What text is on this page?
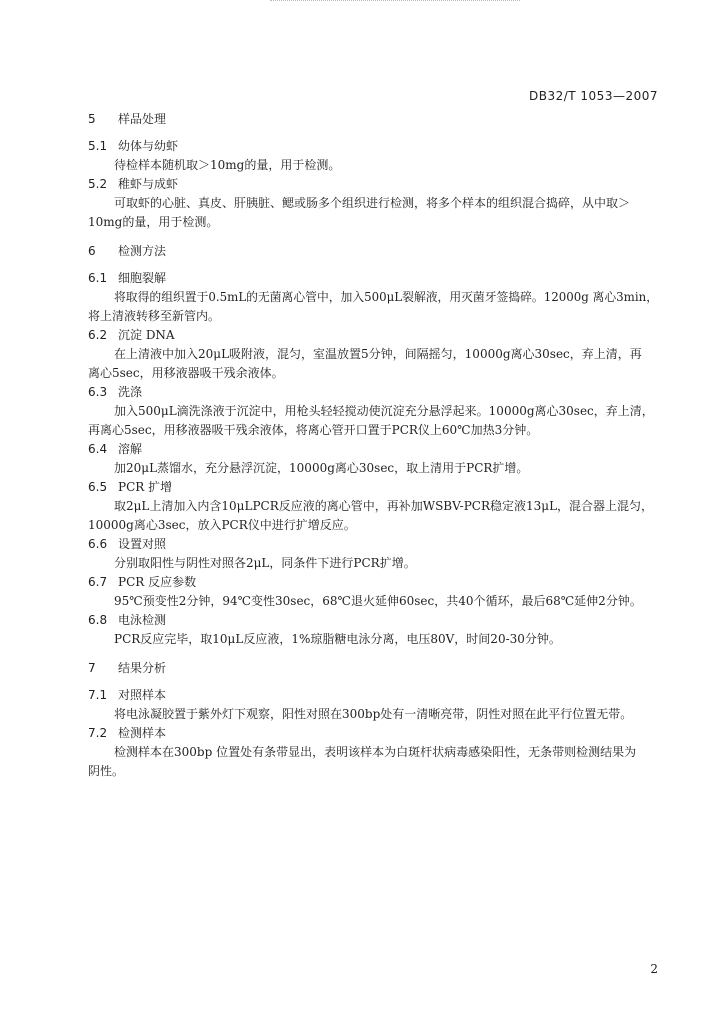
DB32/T 1053—2007

5 样品处理

5.1 幼体与幼虾

待检样本随机取＞10mg的量，用于检测。

5.2 稚虾与成虾

可取虾的心脏、真皮、肝胰脏、鳃或肠多个组织进行检测，将多个样本的组织混合捣碎，从中取＞

10mg的量，用于检测。

6 检测方法

6.1 细胞裂解

将取得的组织置于0.5mL的无菌离心管中，加入500μL裂解液，用灭菌牙签捣碎。12000g 离心3min，

将上清液转移至新管内。

6.2 沉淀 DNA

在上清液中加入20μL吸附液，混匀，室温放置5分钟，间隔摇匀，10000g离心30sec，弃上清，再

离心5sec，用移液器吸干残余液体。

6.3 洗涤

加入500μL滴洗涤液于沉淀中，用枪头轻轻搅动使沉淀充分悬浮起来。10000g离心30sec，弃上清，

再离心5sec，用移液器吸干残余液体，将离心管开口置于PCR仪上60℃加热3分钟。

6.4 溶解

加20μL蒸馏水，充分悬浮沉淀，10000g离心30sec，取上清用于PCR扩增。

6.5 PCR 扩增

取2μL上清加入内含10μLPCR反应液的离心管中，再补加WSBV-PCR稳定液13μL，混合器上混匀，

10000g离心3sec，放入PCR仪中进行扩增反应。

6.6 设置对照

分别取阳性与阴性对照各2μL，同条件下进行PCR扩增。

6.7 PCR 反应参数

95℃预变性2分钟，94℃变性30sec，68℃退火延伸60sec，共40个循环，最后68℃延伸2分钟。

6.8 电泳检测

PCR反应完毕，取10μL反应液，1%琼脂糖电泳分离，电压80V，时间20-30分钟。

7 结果分析

7.1 对照样本

将电泳凝胶置于紫外灯下观察，阳性对照在300bp处有一清晰亮带，阴性对照在此平行位置无带。

7.2 检测样本

检测样本在300bp 位置处有条带显出，表明该样本为白斑杆状病毒感染阳性，无条带则检测结果为

阴性。

2
